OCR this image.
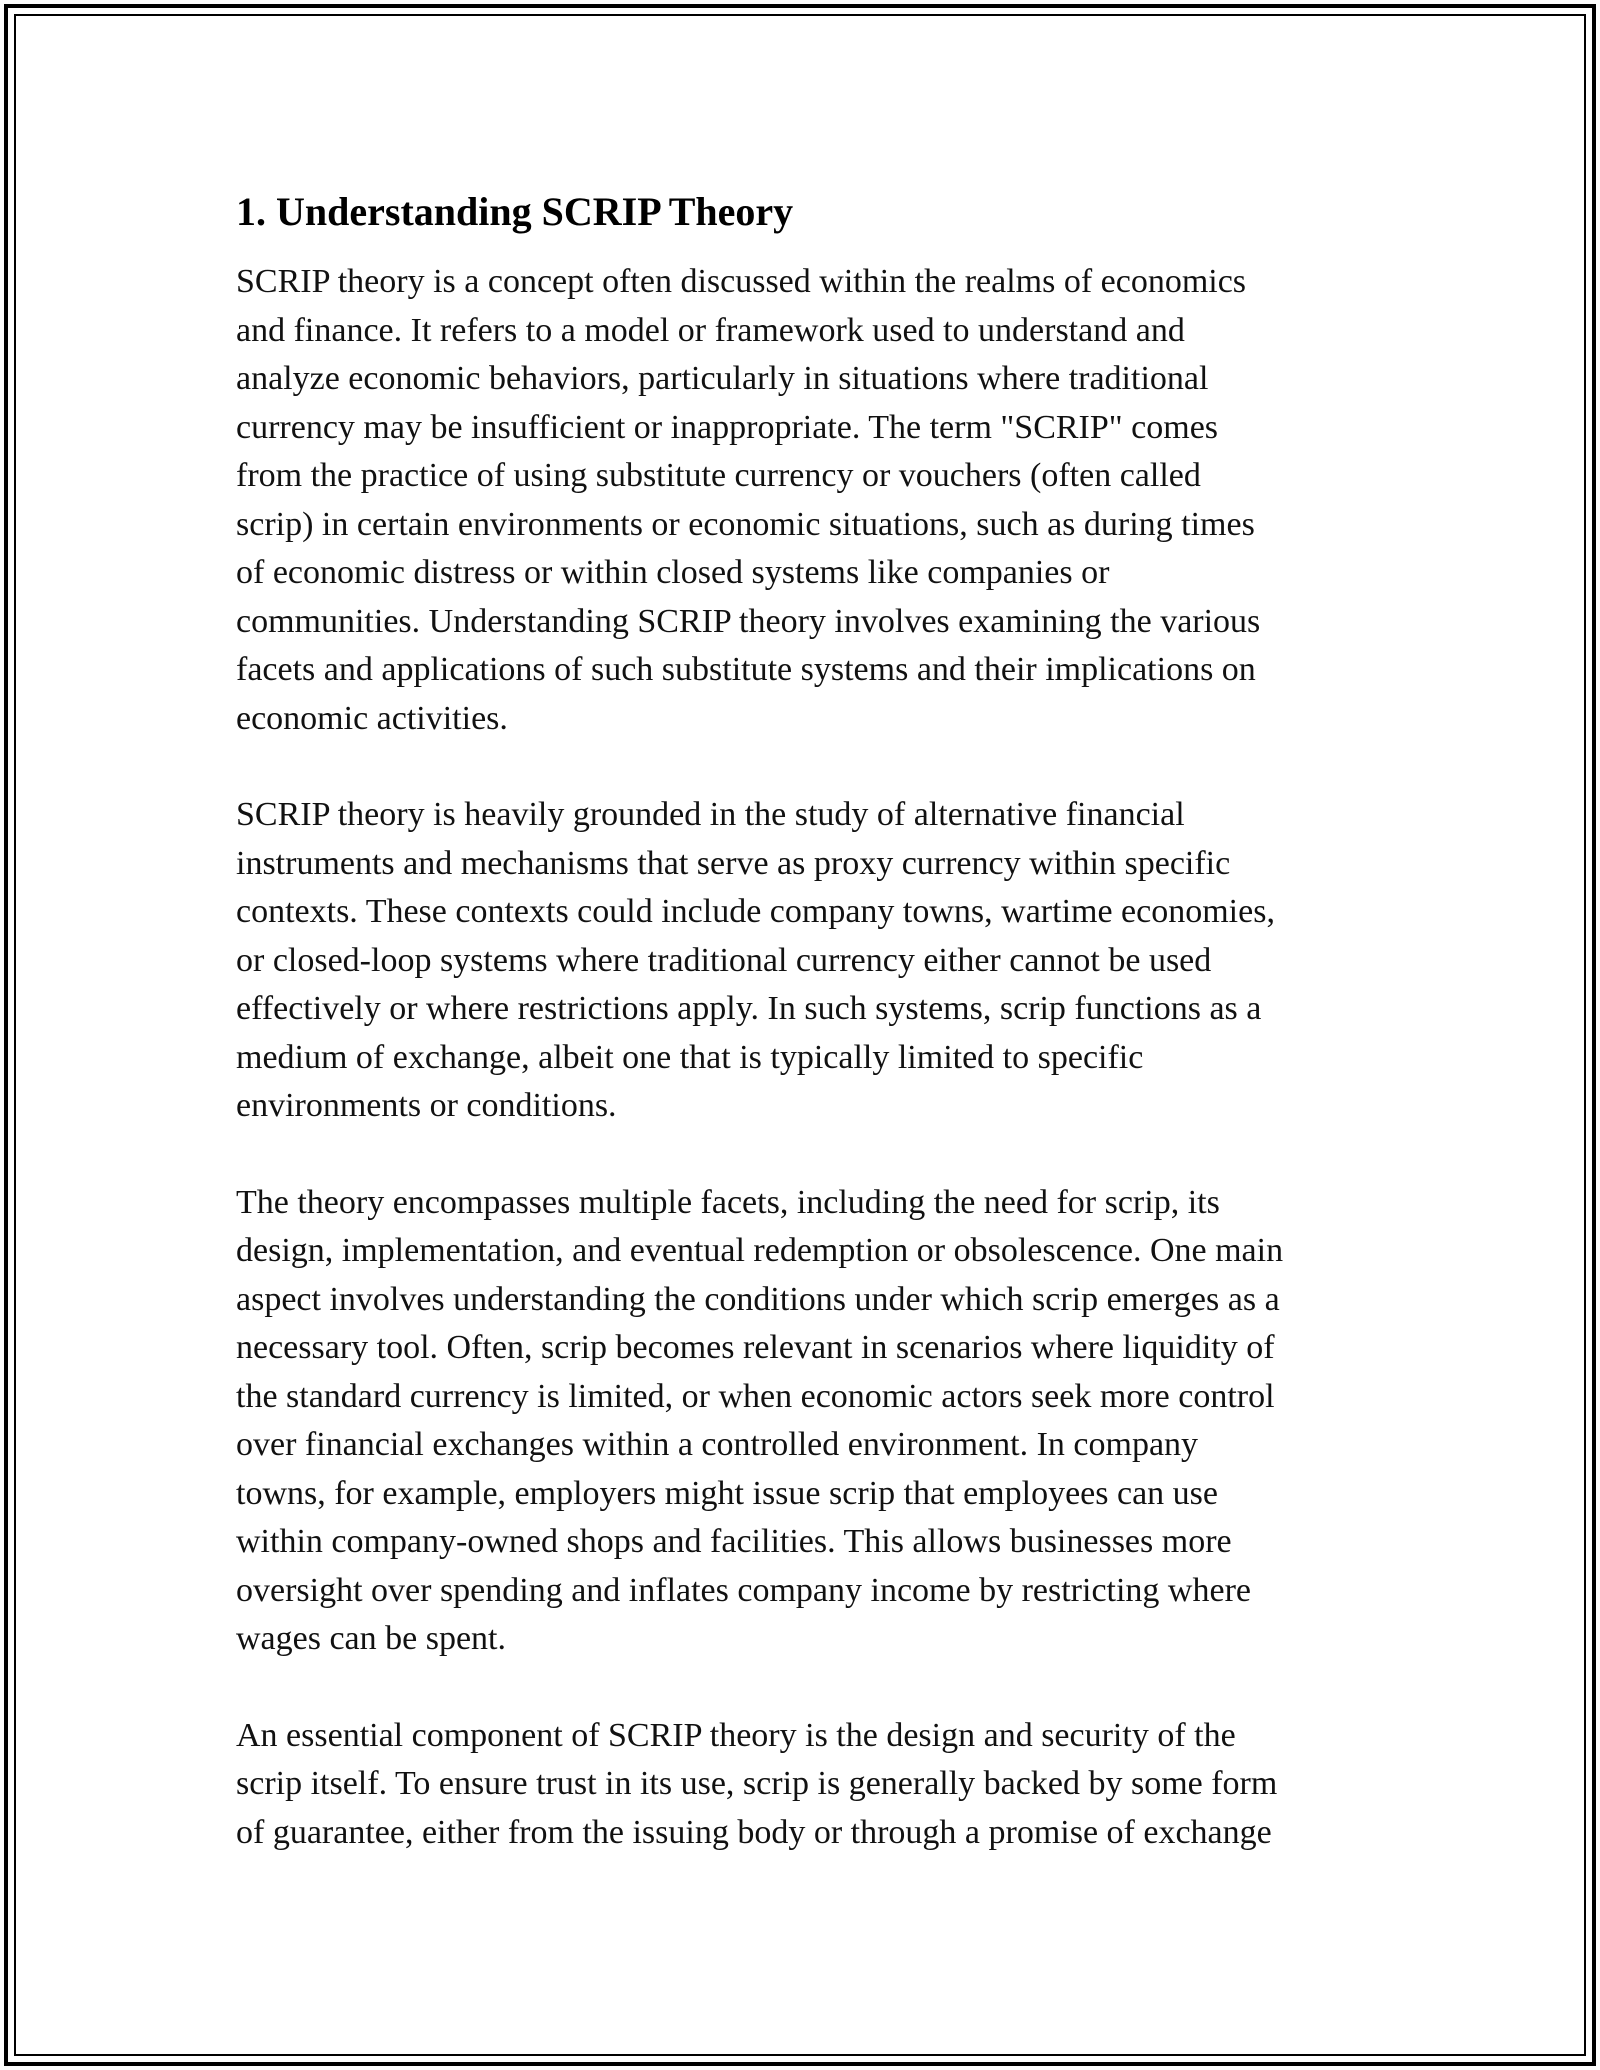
1. Understanding SCRIP Theory

SCRIP theory is a concept often discussed within the realms of economics
and finance. It refers to a model or framework used to understand and
analyze economic behaviors, particularly in situations where traditional
currency may be insufficient or inappropriate. The term "SCRIP" comes
from the practice of using substitute currency or vouchers (often called
scrip) in certain environments or economic situations, such as during times
of economic distress or within closed systems like companies or
communities. Understanding SCRIP theory involves examining the various
facets and applications of such substitute systems and their implications on
economic activities.

SCRIP theory is heavily grounded in the study of alternative financial
instruments and mechanisms that serve as proxy currency within specific
contexts. These contexts could include company towns, wartime economies,
or closed-loop systems where traditional currency either cannot be used
effectively or where restrictions apply. In such systems, scrip functions as a
medium of exchange, albeit one that is typically limited to specific
environments or conditions.

The theory encompasses multiple facets, including the need for scrip, its
design, implementation, and eventual redemption or obsolescence. One main
aspect involves understanding the conditions under which scrip emerges as a
necessary tool. Often, scrip becomes relevant in scenarios where liquidity of
the standard currency is limited, or when economic actors seek more control
over financial exchanges within a controlled environment. In company
towns, for example, employers might issue scrip that employees can use
within company-owned shops and facilities. This allows businesses more
oversight over spending and inflates company income by restricting where
wages can be spent.

An essential component of SCRIP theory is the design and security of the
scrip itself. To ensure trust in its use, scrip is generally backed by some form
of guarantee, either from the issuing body or through a promise of exchange
